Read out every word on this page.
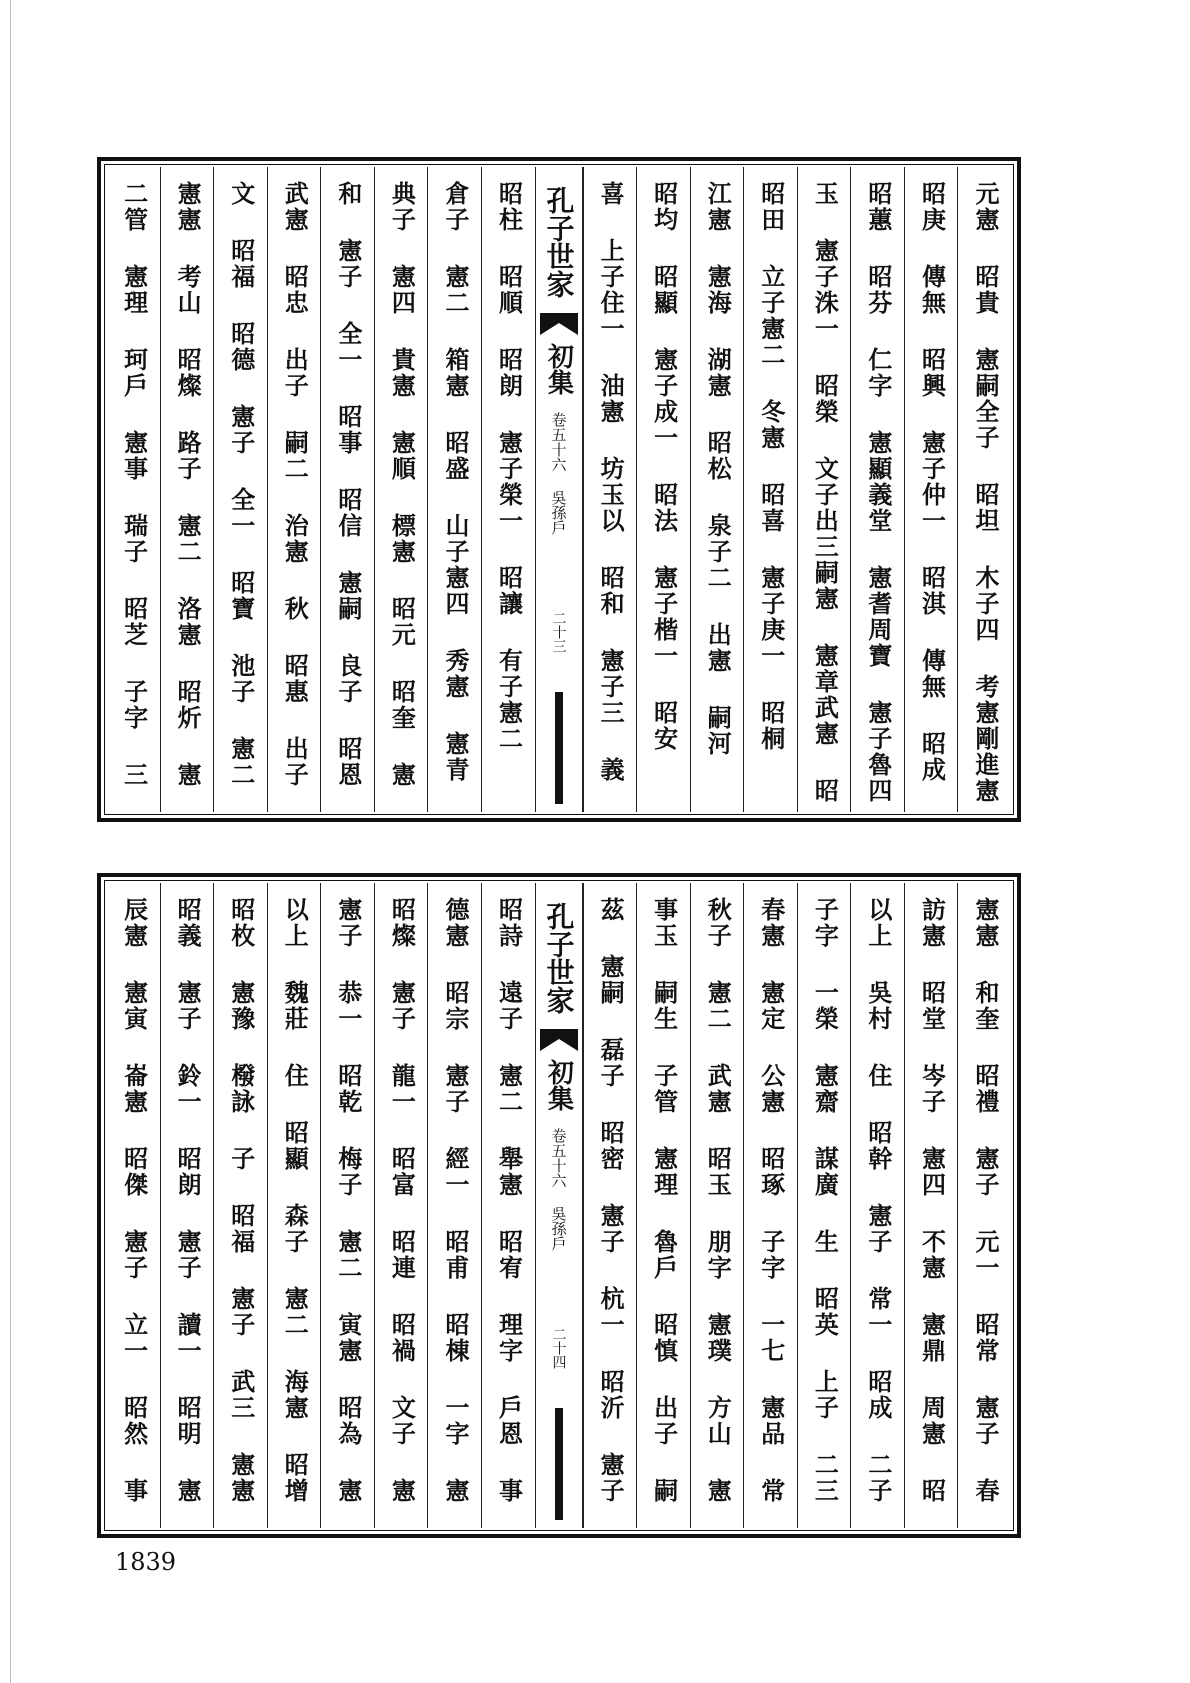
元憲 昭貴 憲嗣全子 昭坦 木子四 考憲剛進憲
昭庚 傳無 昭興 憲子仲一 昭淇 傳無 昭成
昭蕙 昭芬 仁字 憲顯義堂 憲耆周寶 憲子魯四
玉 憲子洙一 昭榮 文子出三嗣憲 憲章武憲 昭
昭田 立子憲二 冬憲 昭喜 憲子庚一 昭桐
江憲 憲海 湖憲 昭松 泉子二 出憲 嗣河
昭均 昭顯 憲子成一 昭法 憲子楷一 昭安
喜 上子住一 油憲 坊玉以 昭和 憲子三 義
孔子世家
初集
卷五十六 吳孫戶
二十三
昭柱 昭順 昭朗 憲子榮一 昭讓 有子憲二
倉子 憲二 箱憲 昭盛 山子憲四 秀憲 憲青
典子 憲四 貴憲 憲順 標憲 昭元 昭奎 憲
和 憲子 全一 昭事 昭信 憲嗣 良子 昭恩
武憲 昭忠 出子 嗣二 治憲 秋 昭惠 出子
文 昭福 昭德 憲子 全一 昭寶 池子 憲二
憲憲 考山 昭燦 路子 憲二 洛憲 昭炘 憲
二管 憲理 珂戶 憲事 瑞子 昭芝 子字 三
憲憲 和奎 昭禮 憲子 元一 昭常 憲子 春
訪憲 昭堂 岑子 憲四 不憲 憲鼎 周憲 昭
以上 吳村 住 昭幹 憲子 常一 昭成 二子
子字 一榮 憲齋 謀廣 生 昭英 上子 二三
春憲 憲定 公憲 昭琢 子字 一七 憲品 常
秋子 憲二 武憲 昭玉 朋字 憲璞 方山 憲
事玉 嗣生 子管 憲理 魯戶 昭慎 出子 嗣
茲 憲嗣 磊子 昭密 憲子 杭一 昭沂 憲子
孔子世家
初集
卷五十六 吳孫戶
二十四
昭詩 遠子 憲二 舉憲 昭宥 理字 戶恩 事
德憲 昭宗 憲子 經一 昭甫 昭棟 一字 憲
昭燦 憲子 龍一 昭富 昭連 昭禍 文子 憲
憲子 恭一 昭乾 梅子 憲二 寅憲 昭為 憲
以上 魏莊 住 昭顯 森子 憲二 海憲 昭增
昭枚 憲豫 橃詠 子 昭福 憲子 武三 憲憲
昭義 憲子 鈴一 昭朗 憲子 讀一 昭明 憲
辰憲 憲寅 崙憲 昭傑 憲子 立一 昭然 事
1839
